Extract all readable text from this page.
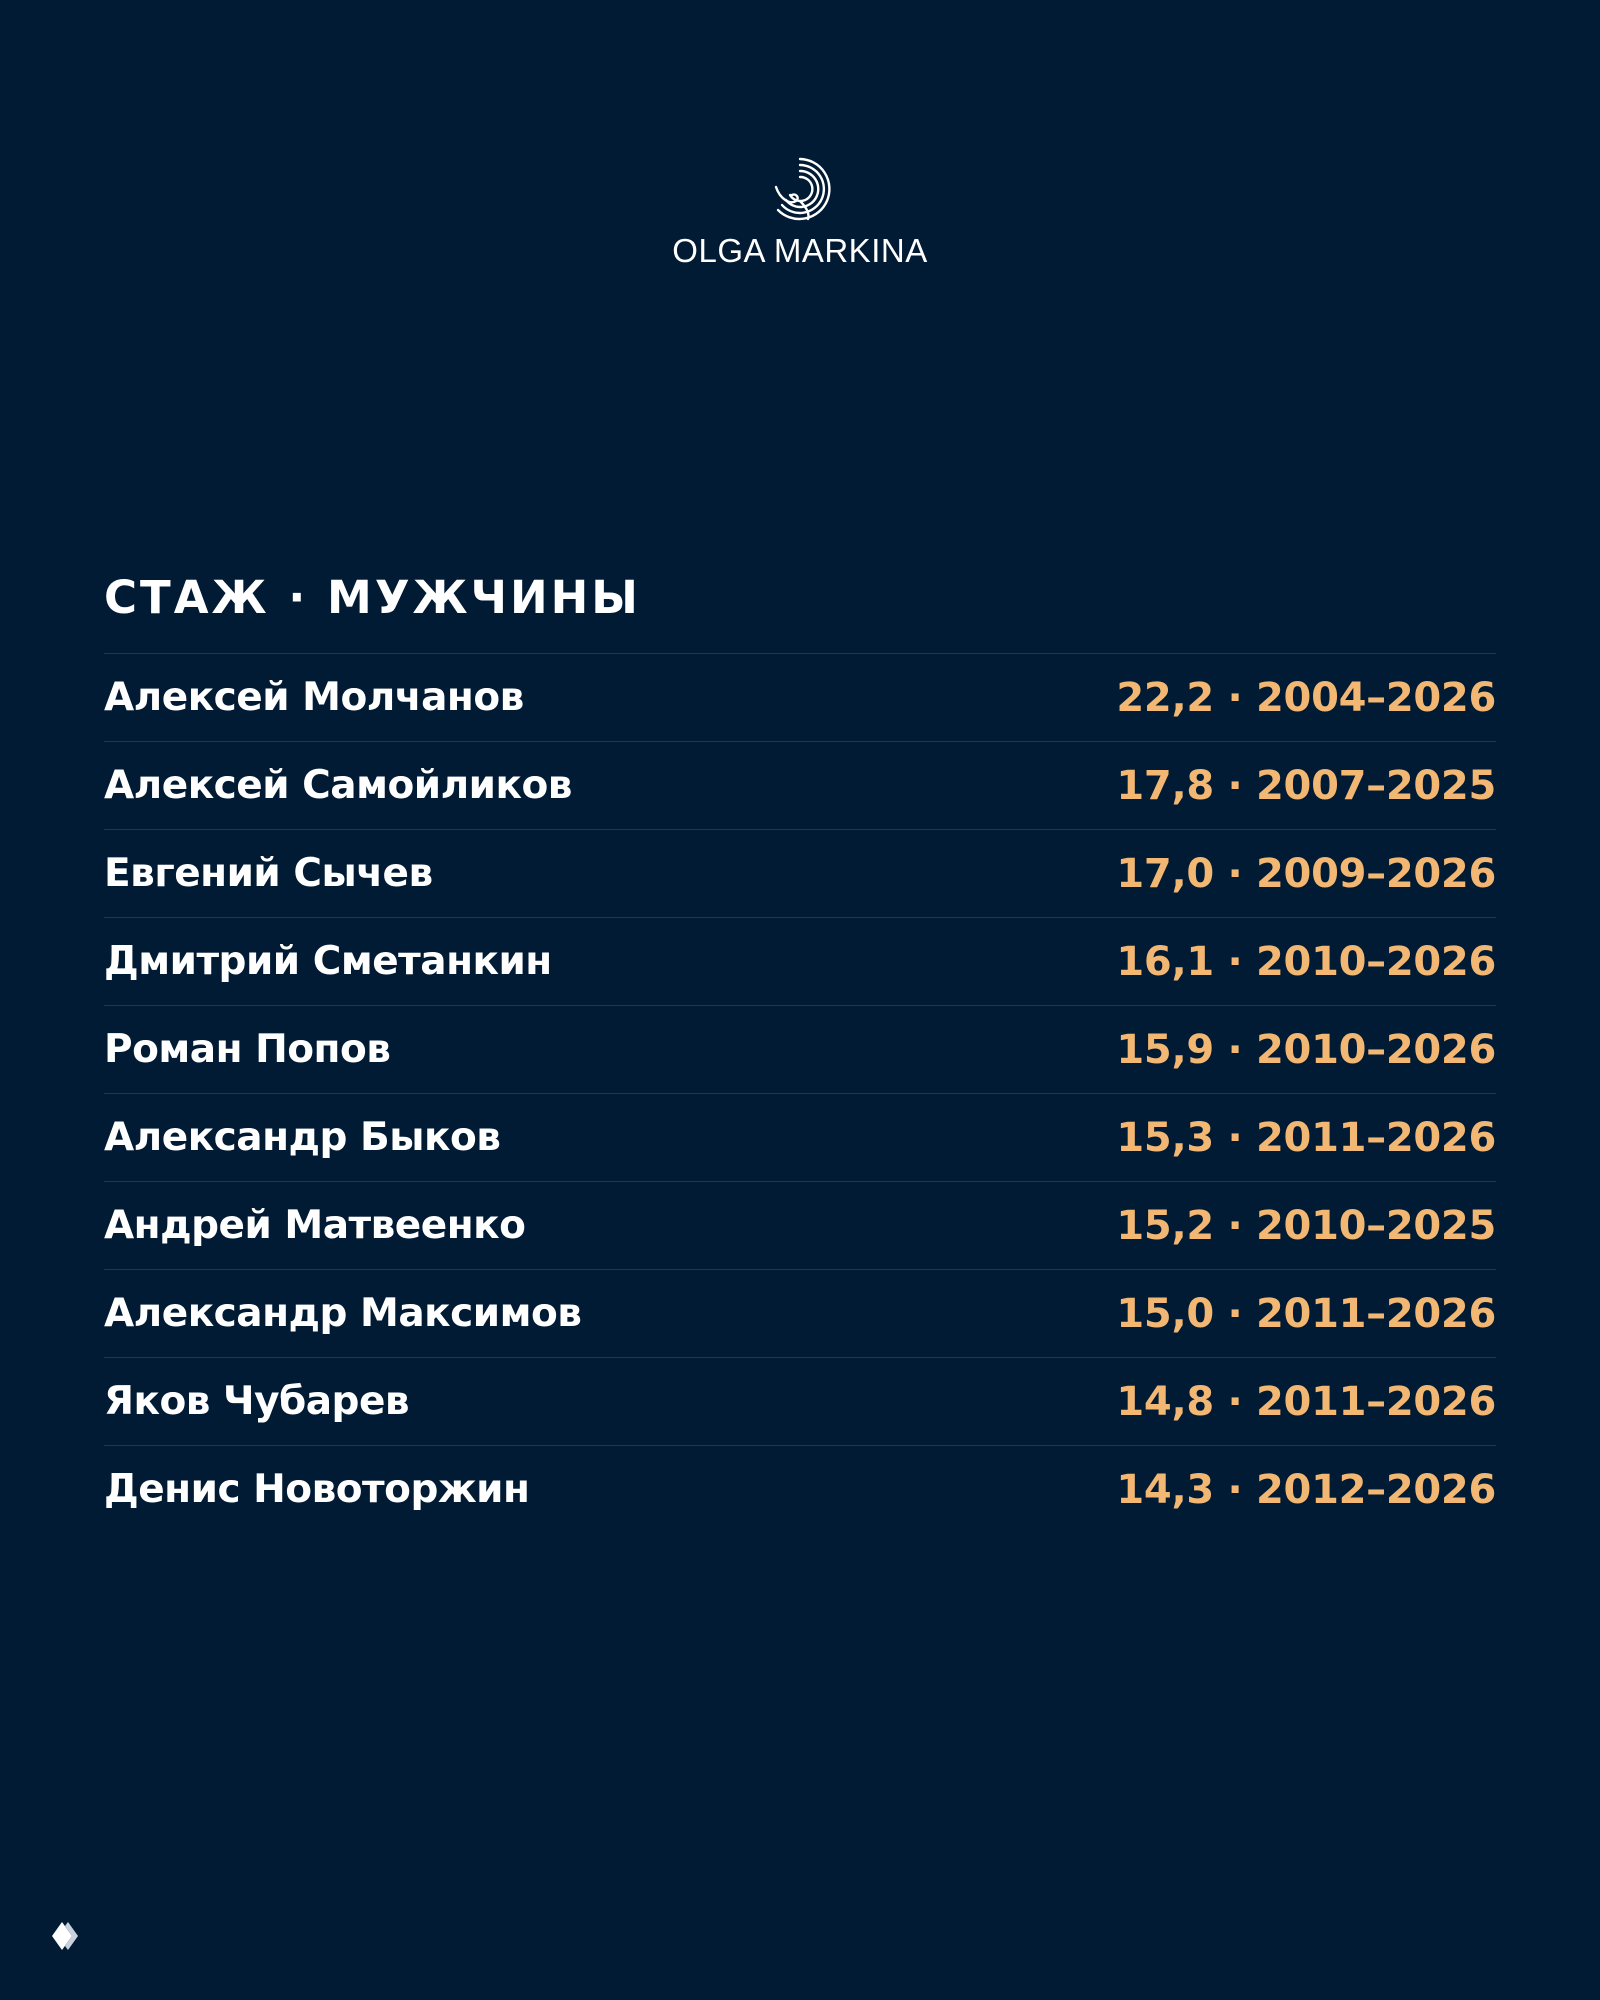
OLGA MARKINA
СТАЖ · МУЖЧИНЫ
Алексей Молчанов	22,2 · 2004–2026
Алексей Самойликов	17,8 · 2007–2025
Евгений Сычев	17,0 · 2009–2026
Дмитрий Сметанкин	16,1 · 2010–2026
Роман Попов	15,9 · 2010–2026
Александр Быков	15,3 · 2011–2026
Андрей Матвеенко	15,2 · 2010–2025
Александр Максимов	15,0 · 2011–2026
Яков Чубарев	14,8 · 2011–2026
Денис Новоторжин	14,3 · 2012–2026
